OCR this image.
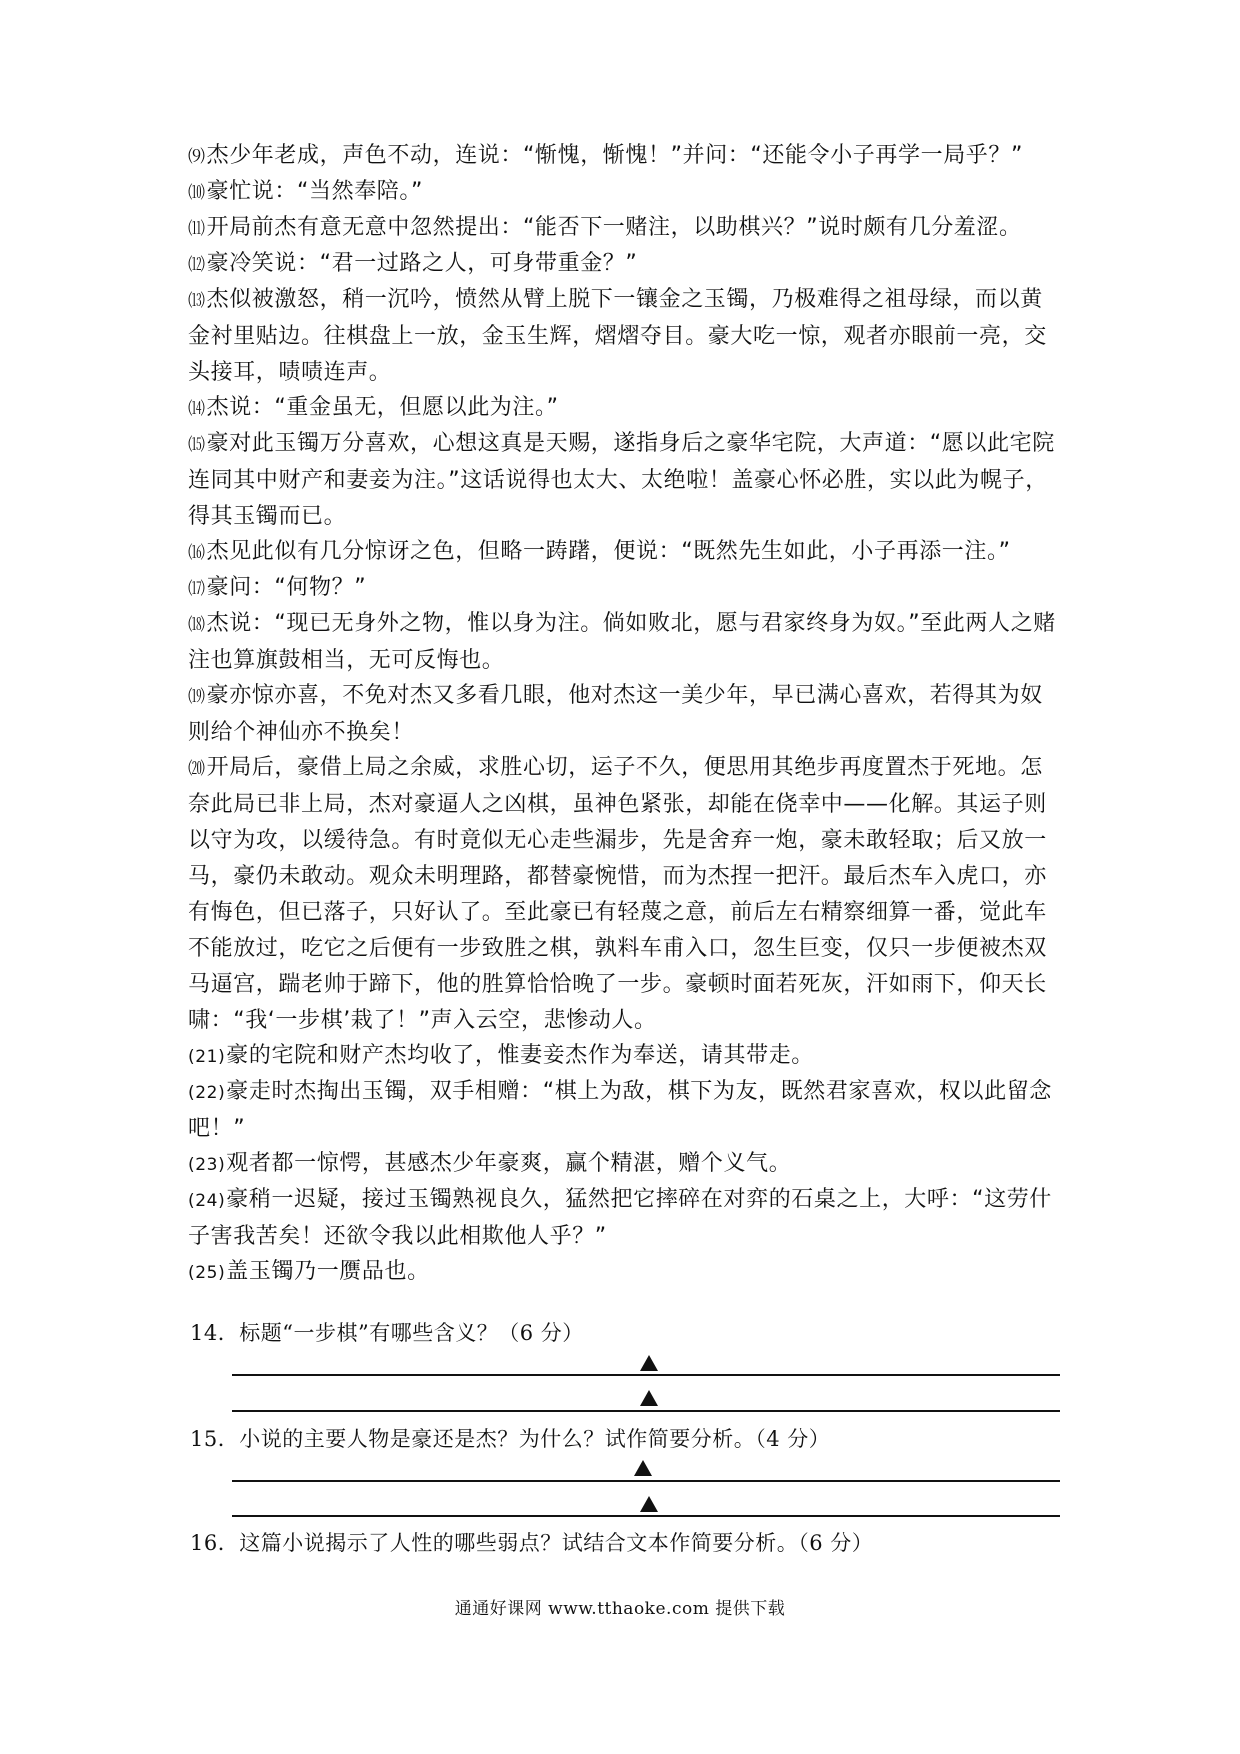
⑼杰少年老成，声色不动，连说：“惭愧，惭愧！”并问：“还能令小子再学一局乎？”
⑽豪忙说：“当然奉陪。”
⑾开局前杰有意无意中忽然提出：“能否下一赌注，以助棋兴？”说时颇有几分羞涩。
⑿豪冷笑说：“君一过路之人，可身带重金？”
⒀杰似被激怒，稍一沉吟，愤然从臂上脱下一镶金之玉镯，乃极难得之祖母绿，而以黄金衬里贴边。往棋盘上一放，金玉生辉，熠熠夺目。豪大吃一惊，观者亦眼前一亮，交头接耳，啧啧连声。
⒁杰说：“重金虽无，但愿以此为注。”
⒂豪对此玉镯万分喜欢，心想这真是天赐，遂指身后之豪华宅院，大声道：“愿以此宅院连同其中财产和妻妾为注。”这话说得也太大、太绝啦！盖豪心怀必胜，实以此为幌子，得其玉镯而已。
⒃杰见此似有几分惊讶之色，但略一踌躇，便说：“既然先生如此，小子再添一注。”
⒄豪问：“何物？”
⒅杰说：“现已无身外之物，惟以身为注。倘如败北，愿与君家终身为奴。”至此两人之赌注也算旗鼓相当，无可反悔也。
⒆豪亦惊亦喜，不免对杰又多看几眼，他对杰这一美少年，早已满心喜欢，若得其为奴则给个神仙亦不换矣！
⒇开局后，豪借上局之余威，求胜心切，运子不久，便思用其绝步再度置杰于死地。怎奈此局已非上局，杰对豪逼人之凶棋，虽神色紧张，却能在侥幸中——化解。其运子则以守为攻，以缓待急。有时竟似无心走些漏步，先是舍弃一炮，豪未敢轻取；后又放一马，豪仍未敢动。观众未明理路，都替豪惋惜，而为杰捏一把汗。最后杰车入虎口，亦有悔色，但已落子，只好认了。至此豪已有轻蔑之意，前后左右精察细算一番，觉此车不能放过，吃它之后便有一步致胜之棋，孰料车甫入口，忽生巨变，仅只一步便被杰双马逼宫，踹老帅于蹄下，他的胜算恰恰晚了一步。豪顿时面若死灰，汗如雨下，仰天长啸：“我‘一步棋’栽了！”声入云空，悲惨动人。
(21)豪的宅院和财产杰均收了，惟妻妾杰作为奉送，请其带走。
(22)豪走时杰掏出玉镯，双手相赠：“棋上为敌，棋下为友，既然君家喜欢，权以此留念吧！”
(23)观者都一惊愕，甚感杰少年豪爽，赢个精湛，赠个义气。
(24)豪稍一迟疑，接过玉镯熟视良久，猛然把它摔碎在对弈的石桌之上，大呼：“这劳什子害我苦矣！还欲令我以此相欺他人乎？”
(25)盖玉镯乃一赝品也。
14．标题“一步棋”有哪些含义？（6 分）
15．小说的主要人物是豪还是杰？为什么？试作简要分析。（4 分）
16．这篇小说揭示了人性的哪些弱点？试结合文本作简要分析。（6 分）
通通好课网 www.tthaoke.com 提供下载
